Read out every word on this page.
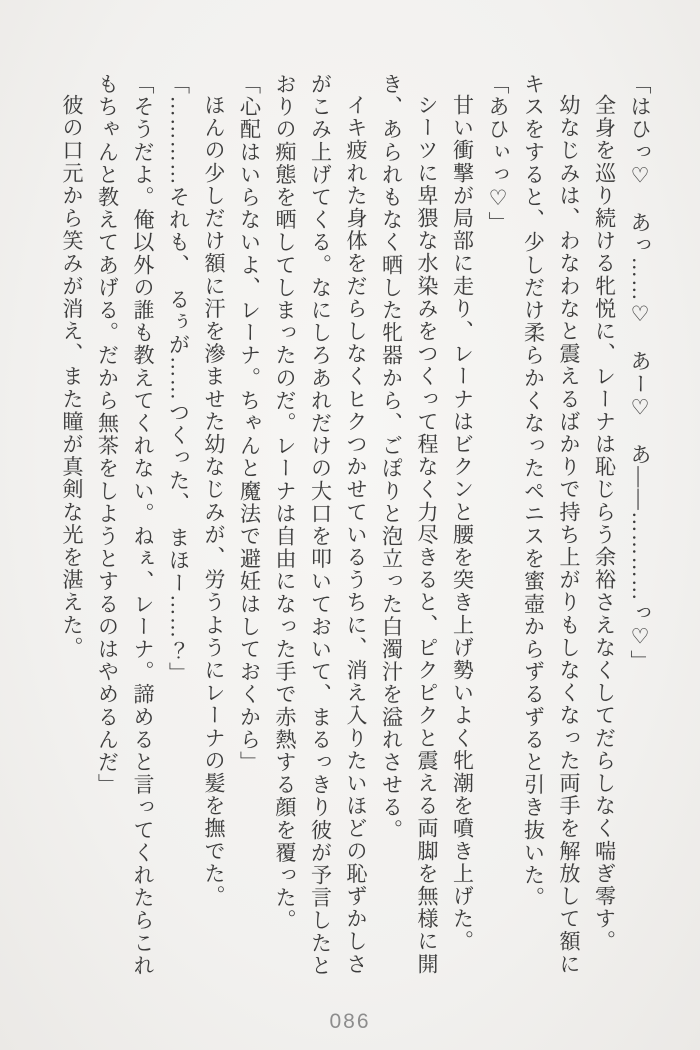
「はひっ♡　あっ……♡　あー♡　あ――…………っ♡」

全身を巡り続ける牝悦に、レーナは恥じらう余裕さえなくしてだらしなく喘ぎ零す。

幼なじみは、わなわなと震えるばかりで持ち上がりもしなくなった両手を解放して額にキスをすると、少しだけ柔らかくなったペニスを蜜壺からずるずると引き抜いた。

「あひぃっ♡」

甘い衝撃が局部に走り、レーナはビクンと腰を突き上げ勢いよく牝潮を噴き上げた。

シーツに卑猥な水染みをつくって程なく力尽きると、ピクピクと震える両脚を無様に開き、あられもなく晒した牝器から、ごぽりと泡立った白濁汁を溢れさせる。

イキ疲れた身体をだらしなくヒクつかせているうちに、消え入りたいほどの恥ずかしさがこみ上げてくる。なにしろあれだけの大口を叩いておいて、まるっきり彼が予言したとおりの痴態を晒してしまったのだ。レーナは自由になった手で赤熱する顔を覆った。

「心配はいらないよ、レーナ。ちゃんと魔法で避妊はしておくから」

ほんの少しだけ額に汗を滲ませた幼なじみが、労うようにレーナの髪を撫でた。

「…………それも、　るぅが……つくった、　まほー……？」

「そうだよ。俺以外の誰も教えてくれない。ねぇ、レーナ。諦めると言ってくれたらこれもちゃんと教えてあげる。だから無茶をしようとするのはやめるんだ」

彼の口元から笑みが消え、また瞳が真剣な光を湛えた。

086
